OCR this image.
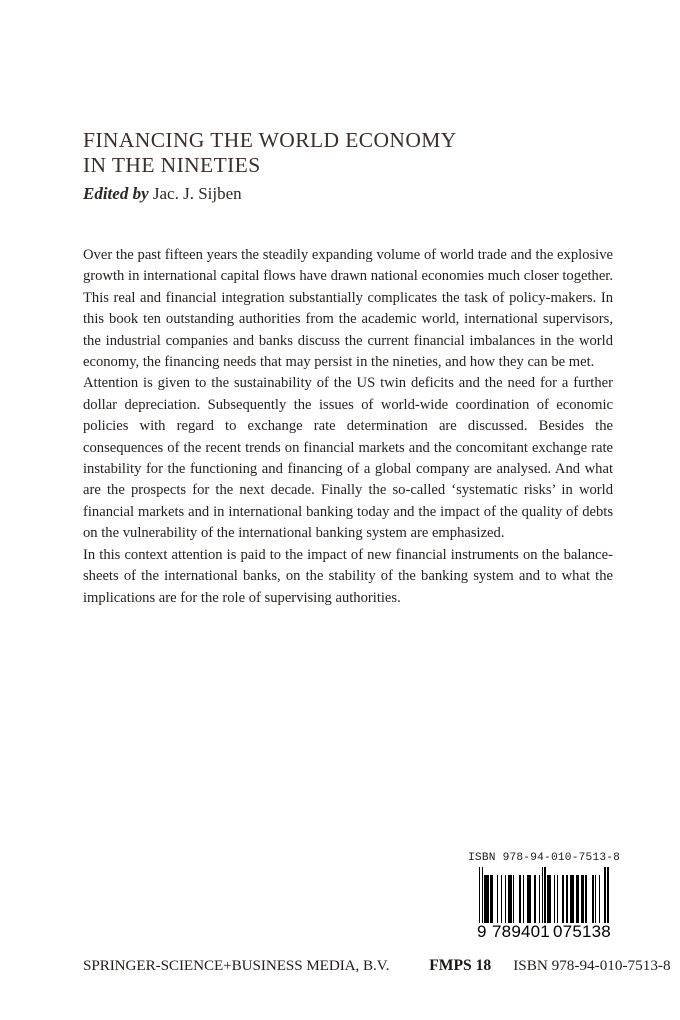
FINANCING THE WORLD ECONOMY
IN THE NINETIES
Edited by Jac. J. Sijben

Over the past fifteen years the steadily expanding volume of world trade and the explosive growth in international capital flows have drawn national economies much closer together. This real and financial integration substantially complicates the task of policy-makers. In this book ten outstanding authorities from the academic world, international supervisors, the industrial companies and banks discuss the current financial imbalances in the world economy, the financing needs that may persist in the nineties, and how they can be met.

Attention is given to the sustainability of the US twin deficits and the need for a further dollar depreciation. Subsequently the issues of world-wide coordination of economic policies with regard to exchange rate determination are discussed. Besides the consequences of the recent trends on financial markets and the concomitant exchange rate instability for the functioning and financing of a global company are analysed. And what are the prospects for the next decade. Finally the so-called ‘systematic risks’ in world financial markets and in international banking today and the impact of the quality of debts on the vulnerability of the international banking system are emphasized.

In this context attention is paid to the impact of new financial instruments on the balance-sheets of the international banks, on the stability of the banking system and to what the implications are for the role of supervising authorities.

ISBN 978-94-010-7513-8
9 789401 075138
SPRINGER-SCIENCE+BUSINESS MEDIA, B.V.	FMPS 18 ISBN 978-94-010-7513-8
